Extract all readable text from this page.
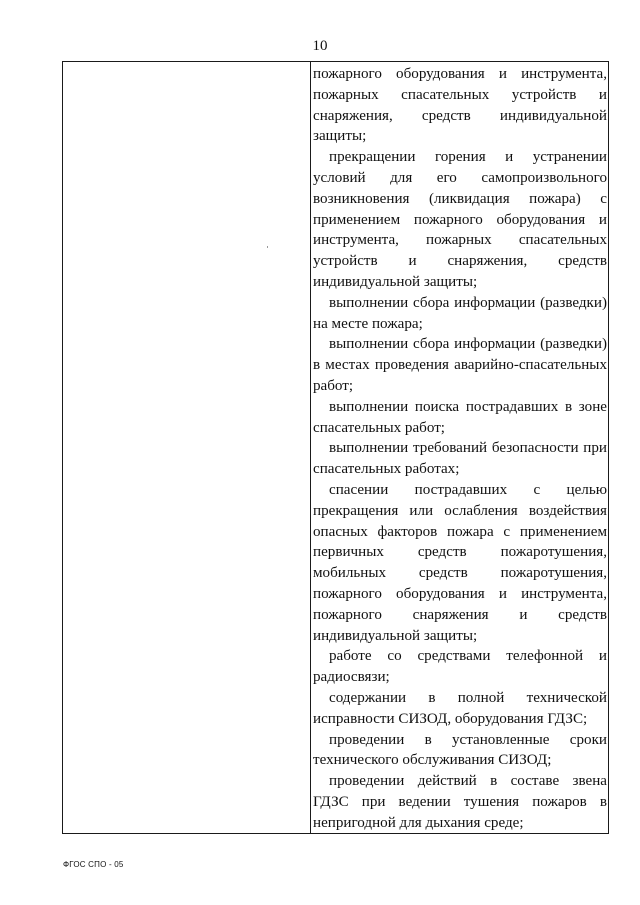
10

пожарного оборудования и инструмента, пожарных спасательных устройств и снаряжения, средств индивидуальной защиты;

прекращении горения и устранении условий для его самопроизвольного возникновения (ликвидация пожара) с применением пожарного оборудования и инструмента, пожарных спасательных устройств и снаряжения, средств индивидуальной защиты;

выполнении сбора информации (разведки) на месте пожара;

выполнении сбора информации (разведки) в местах проведения аварийно-спасательных работ;

выполнении поиска пострадавших в зоне спасательных работ;

выполнении требований безопасности при спасательных работах;

спасении пострадавших с целью прекращения или ослабления воздействия опасных факторов пожара с применением первичных средств пожаротушения, мобильных средств пожаротушения, пожарного оборудования и инструмента, пожарного снаряжения и средств индивидуальной защиты;

работе со средствами телефонной и радиосвязи;

содержании в полной технической исправности СИЗОД, оборудования ГДЗС;

проведении в установленные сроки технического обслуживания СИЗОД;

проведении действий в составе звена ГДЗС при ведении тушения пожаров в непригодной для дыхания среде;

ФГОС СПО - 05
